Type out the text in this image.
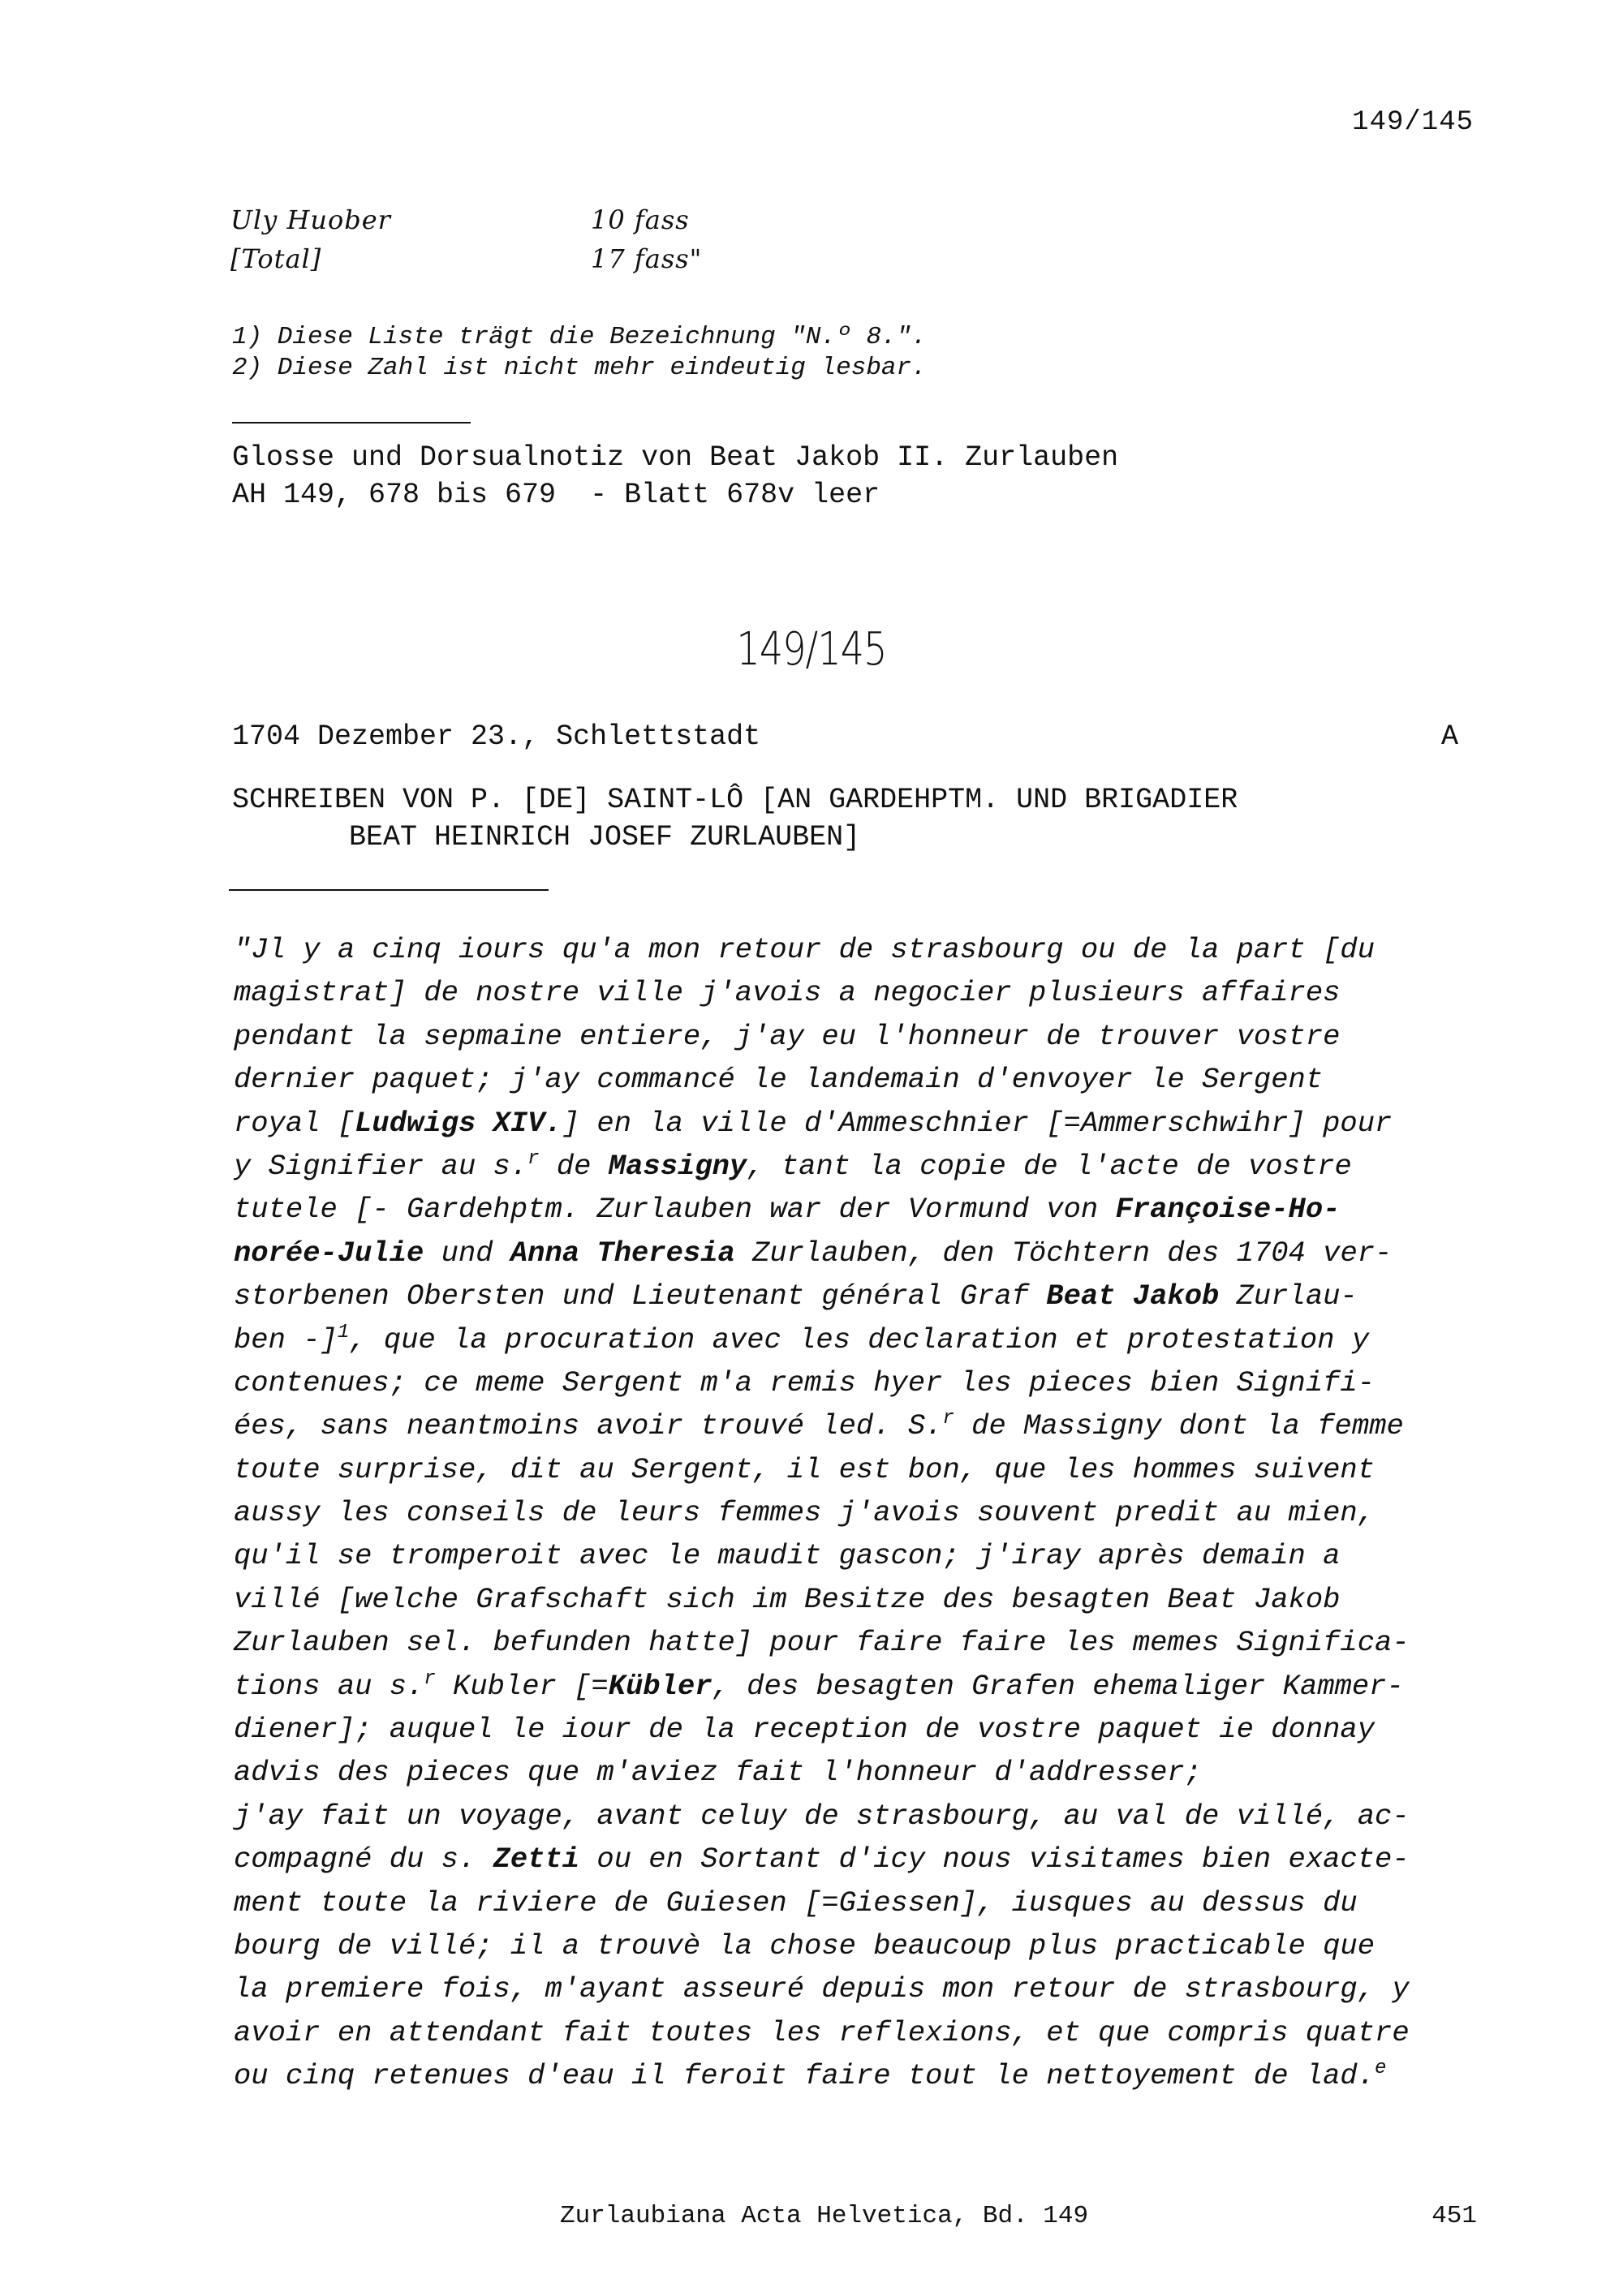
149/145
Uly Huober	10 fass
[Total]	17 fass"
1) Diese Liste trägt die Bezeichnung "N.º 8.".
2) Diese Zahl ist nicht mehr eindeutig lesbar.
Glosse und Dorsualnotiz von Beat Jakob II. Zurlauben
AH 149, 678 bis 679  - Blatt 678v leer
149/145
1704 Dezember 23., Schlettstadt	A
SCHREIBEN VON P. [DE] SAINT-LÔ [AN GARDEHPTM. UND BRIGADIER
BEAT HEINRICH JOSEF ZURLAUBEN]
"Jl y a cinq iours qu'a mon retour de strasbourg ou de la part [du
magistrat] de nostre ville j'avois a negocier plusieurs affaires
pendant la sepmaine entiere, j'ay eu l'honneur de trouver vostre
dernier paquet; j'ay commancé le landemain d'envoyer le Sergent
royal [Ludwigs XIV.] en la ville d'Ammeschnier [=Ammerschwihr] pour
y Signifier au s.$^r$ de Massigny, tant la copie de l'acte de vostre
tutele [- Gardehptm. Zurlauben war der Vormund von Françoise-Ho-
norée-Julie und Anna Theresia Zurlauben, den Töchtern des 1704 ver-
storbenen Obersten und Lieutenant général Graf Beat Jakob Zurlau-
ben -]$^1$, que la procuration avec les declaration et protestation y
contenues; ce meme Sergent m'a remis hyer les pieces bien Signifi-
ées, sans neantmoins avoir trouvé led. S.$^r$ de Massigny dont la femme
toute surprise, dit au Sergent, il est bon, que les hommes suivent
aussy les conseils de leurs femmes j'avois souvent predit au mien,
qu'il se tromperoit avec le maudit gascon; j'iray après demain a
villé [welche Grafschaft sich im Besitze des besagten Beat Jakob
Zurlauben sel. befunden hatte] pour faire faire les memes Significa-
tions au s.$^r$ Kubler [=Kübler, des besagten Grafen ehemaliger Kammer-
diener]; auquel le iour de la reception de vostre paquet ie donnay
advis des pieces que m'aviez fait l'honneur d'addresser;
j'ay fait un voyage, avant celuy de strasbourg, au val de villé, ac-
compagné du s. Zetti ou en Sortant d'icy nous visitames bien exacte-
ment toute la riviere de Guiesen [=Giessen], iusques au dessus du
bourg de villé; il a trouvè la chose beaucoup plus practicable que
la premiere fois, m'ayant asseuré depuis mon retour de strasbourg, y
avoir en attendant fait toutes les reflexions, et que compris quatre
ou cinq retenues d'eau il feroit faire tout le nettoyement de lad.$^e$
Zurlaubiana Acta Helvetica, Bd. 149	451
